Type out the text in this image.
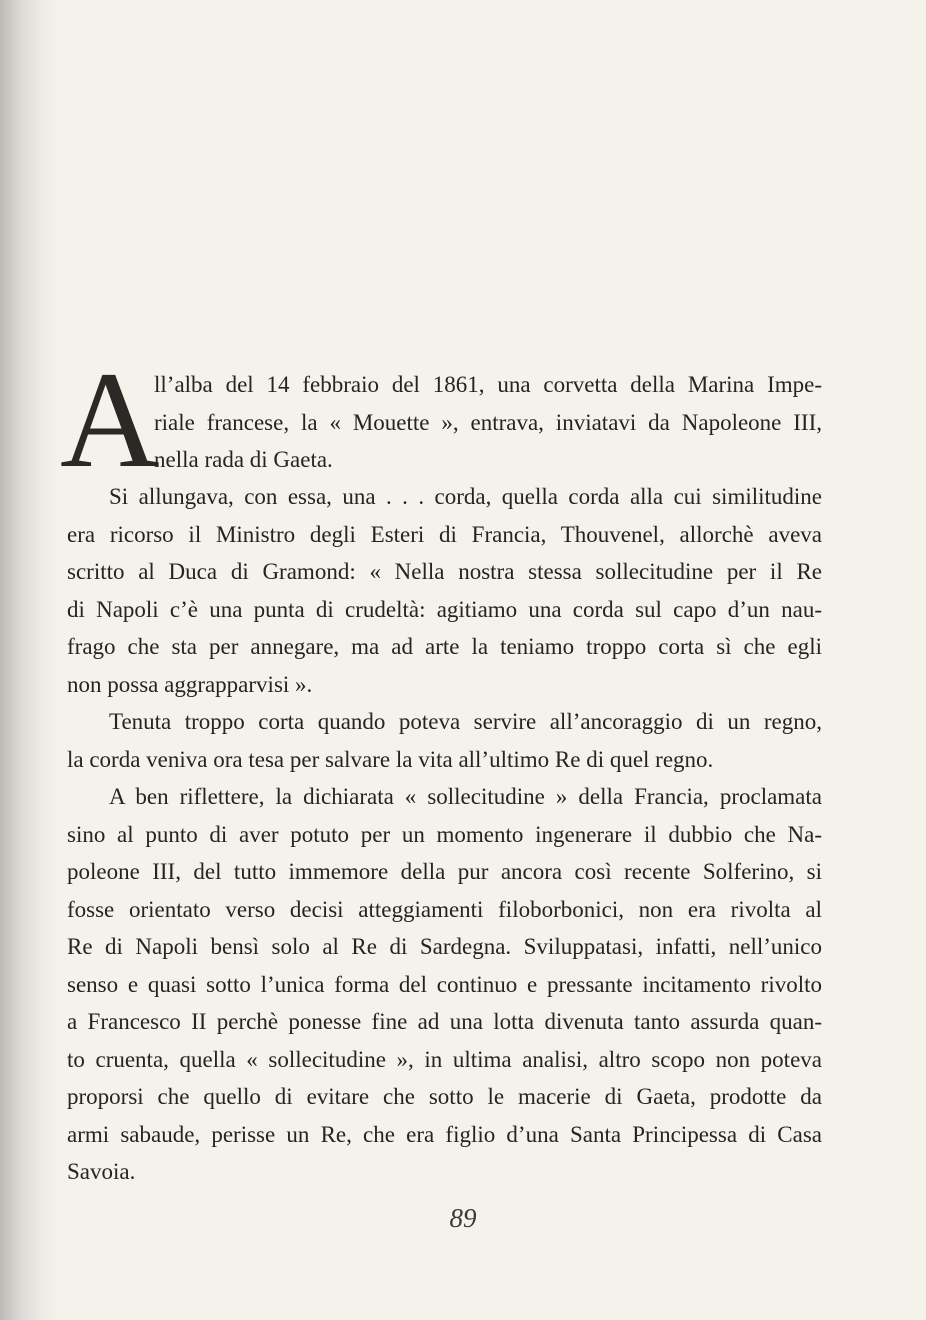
A
ll’alba del 14 febbraio del 1861, una corvetta della Marina Impe-
riale francese, la « Mouette », entrava, inviatavi da Napoleone III,
nella rada di Gaeta.
Si allungava, con essa, una . . . corda, quella corda alla cui similitudine
era ricorso il Ministro degli Esteri di Francia, Thouvenel, allorchè aveva
scritto al Duca di Gramond: « Nella nostra stessa sollecitudine per il Re
di Napoli c’è una punta di crudeltà: agitiamo una corda sul capo d’un nau-
frago che sta per annegare, ma ad arte la teniamo troppo corta sì che egli
non possa aggrapparvisi ».
Tenuta troppo corta quando poteva servire all’ancoraggio di un regno,
la corda veniva ora tesa per salvare la vita all’ultimo Re di quel regno.
A ben riflettere, la dichiarata « sollecitudine » della Francia, proclamata
sino al punto di aver potuto per un momento ingenerare il dubbio che Na-
poleone III, del tutto immemore della pur ancora così recente Solferino, si
fosse orientato verso decisi atteggiamenti filoborbonici, non era rivolta al
Re di Napoli bensì solo al Re di Sardegna. Sviluppatasi, infatti, nell’unico
senso e quasi sotto l’unica forma del continuo e pressante incitamento rivolto
a Francesco II perchè ponesse fine ad una lotta divenuta tanto assurda quan-
to cruenta, quella « sollecitudine », in ultima analisi, altro scopo non poteva
proporsi che quello di evitare che sotto le macerie di Gaeta, prodotte da
armi sabaude, perisse un Re, che era figlio d’una Santa Principessa di Casa
Savoia.
89
